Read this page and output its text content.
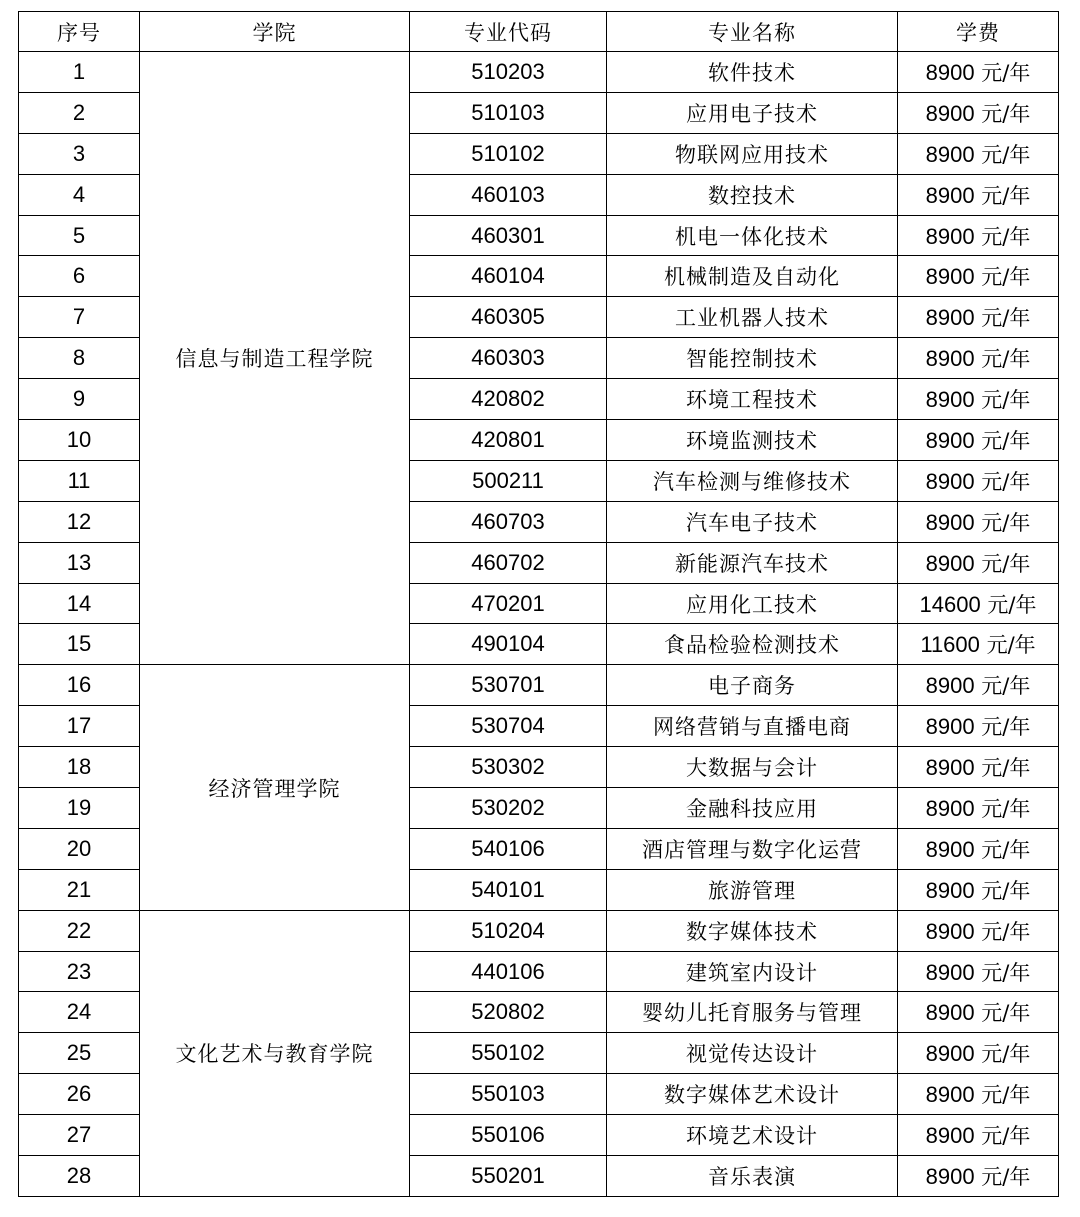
序号	学院	专业代码	专业名称	学费
1	信息与制造工程学院	510203	软件技术	8900 元/年
2		510103	应用电子技术	8900 元/年
3		510102	物联网应用技术	8900 元/年
4		460103	数控技术	8900 元/年
5		460301	机电一体化技术	8900 元/年
6		460104	机械制造及自动化	8900 元/年
7		460305	工业机器人技术	8900 元/年
8		460303	智能控制技术	8900 元/年
9		420802	环境工程技术	8900 元/年
10		420801	环境监测技术	8900 元/年
11		500211	汽车检测与维修技术	8900 元/年
12		460703	汽车电子技术	8900 元/年
13		460702	新能源汽车技术	8900 元/年
14		470201	应用化工技术	14600 元/年
15		490104	食品检验检测技术	11600 元/年
16	经济管理学院	530701	电子商务	8900 元/年
17		530704	网络营销与直播电商	8900 元/年
18		530302	大数据与会计	8900 元/年
19		530202	金融科技应用	8900 元/年
20		540106	酒店管理与数字化运营	8900 元/年
21		540101	旅游管理	8900 元/年
22	文化艺术与教育学院	510204	数字媒体技术	8900 元/年
23		440106	建筑室内设计	8900 元/年
24		520802	婴幼儿托育服务与管理	8900 元/年
25		550102	视觉传达设计	8900 元/年
26		550103	数字媒体艺术设计	8900 元/年
27		550106	环境艺术设计	8900 元/年
28		550201	音乐表演	8900 元/年
